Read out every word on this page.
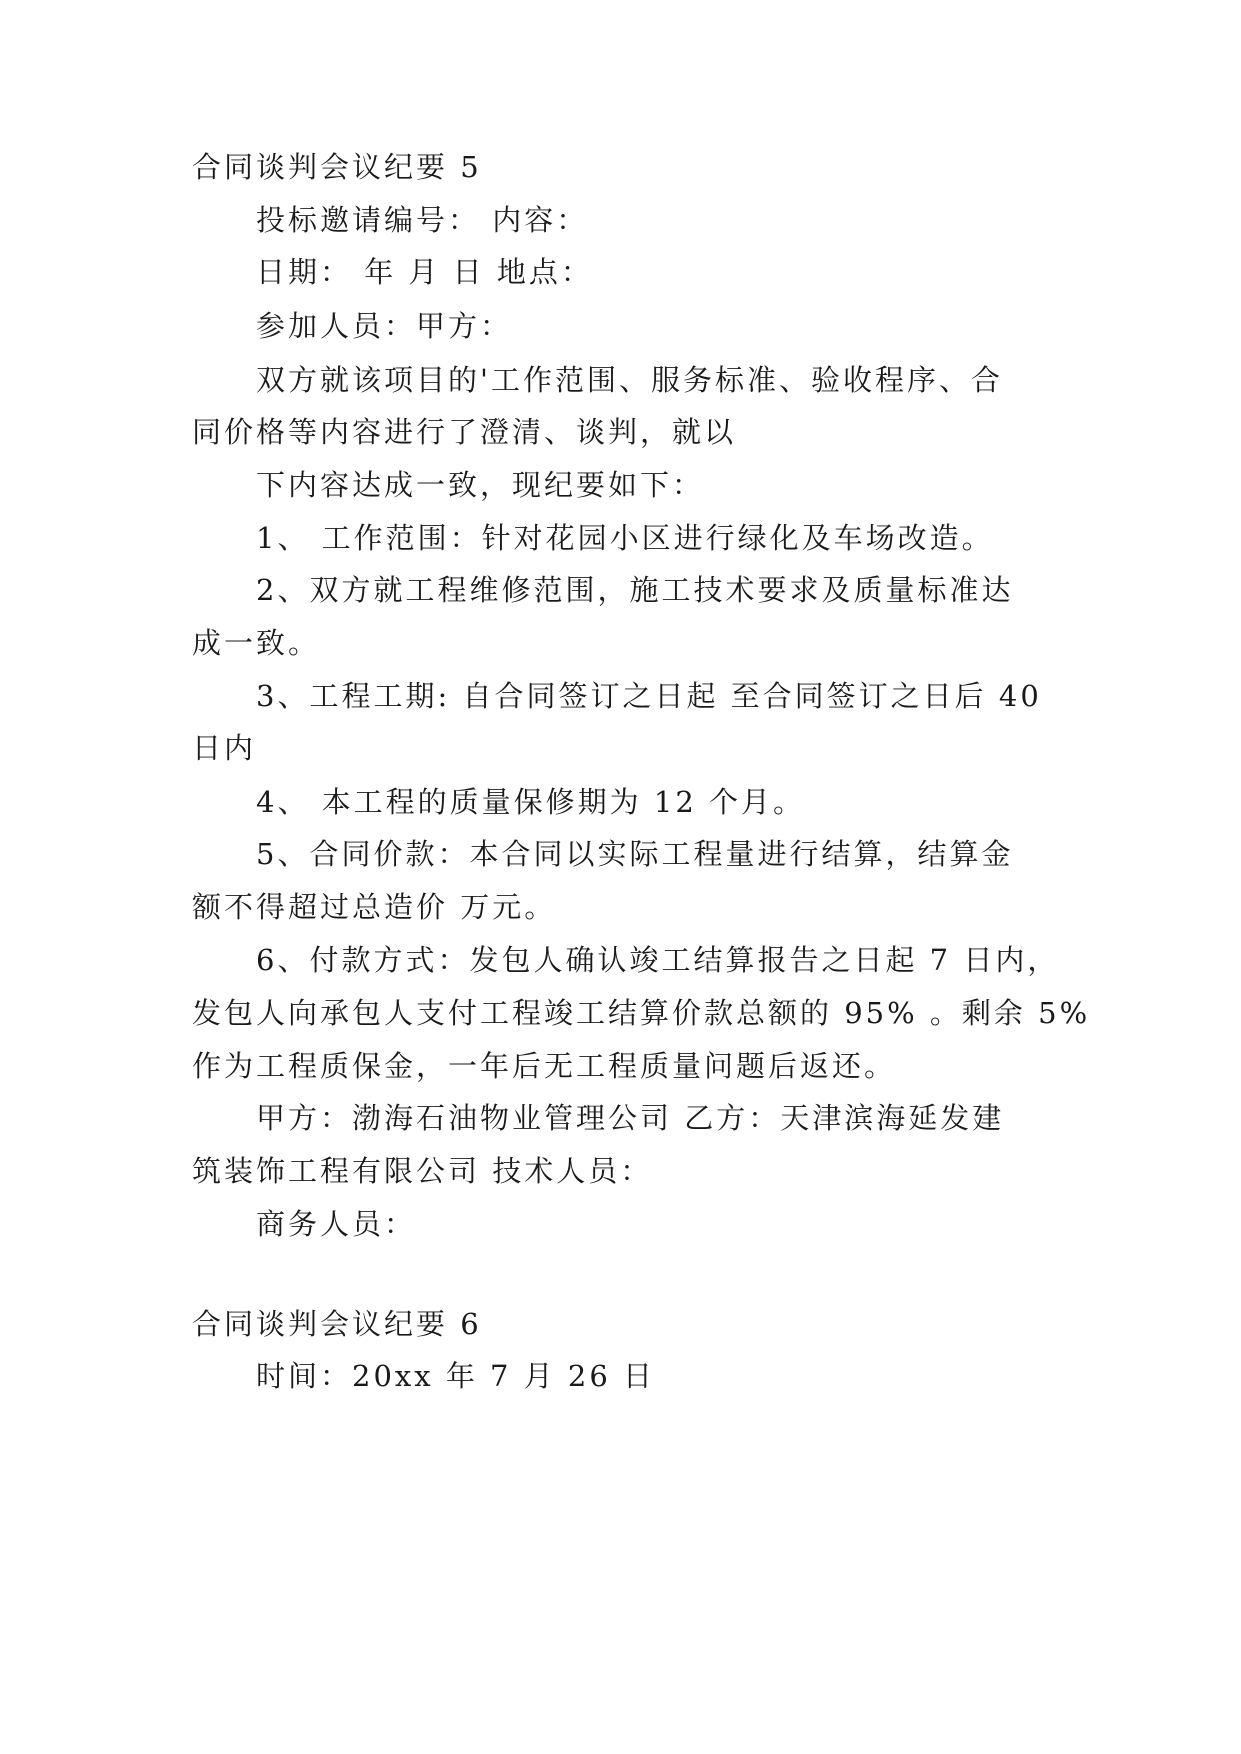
合同谈判会议纪要 5
投标邀请编号： 内容：
日期： 年 月 日 地点：
参加人员：甲方：
双方就该项目的'工作范围、服务标准、验收程序、合
同价格等内容进行了澄清、谈判，就以
下内容达成一致，现纪要如下：
1、 工作范围：针对花园小区进行绿化及车场改造。
2、双方就工程维修范围，施工技术要求及质量标准达
成一致。
3、工程工期: 自合同签订之日起 至合同签订之日后 40
日内
4、 本工程的质量保修期为 12 个月。
5、合同价款：本合同以实际工程量进行结算，结算金
额不得超过总造价 万元。
6、付款方式：发包人确认竣工结算报告之日起 7 日内，
发包人向承包人支付工程竣工结算价款总额的 95% 。剩余 5%
作为工程质保金，一年后无工程质量问题后返还。
甲方：渤海石油物业管理公司 乙方：天津滨海延发建
筑装饰工程有限公司 技术人员：
商务人员：
合同谈判会议纪要 6
时间：20xx 年 7 月 26 日
